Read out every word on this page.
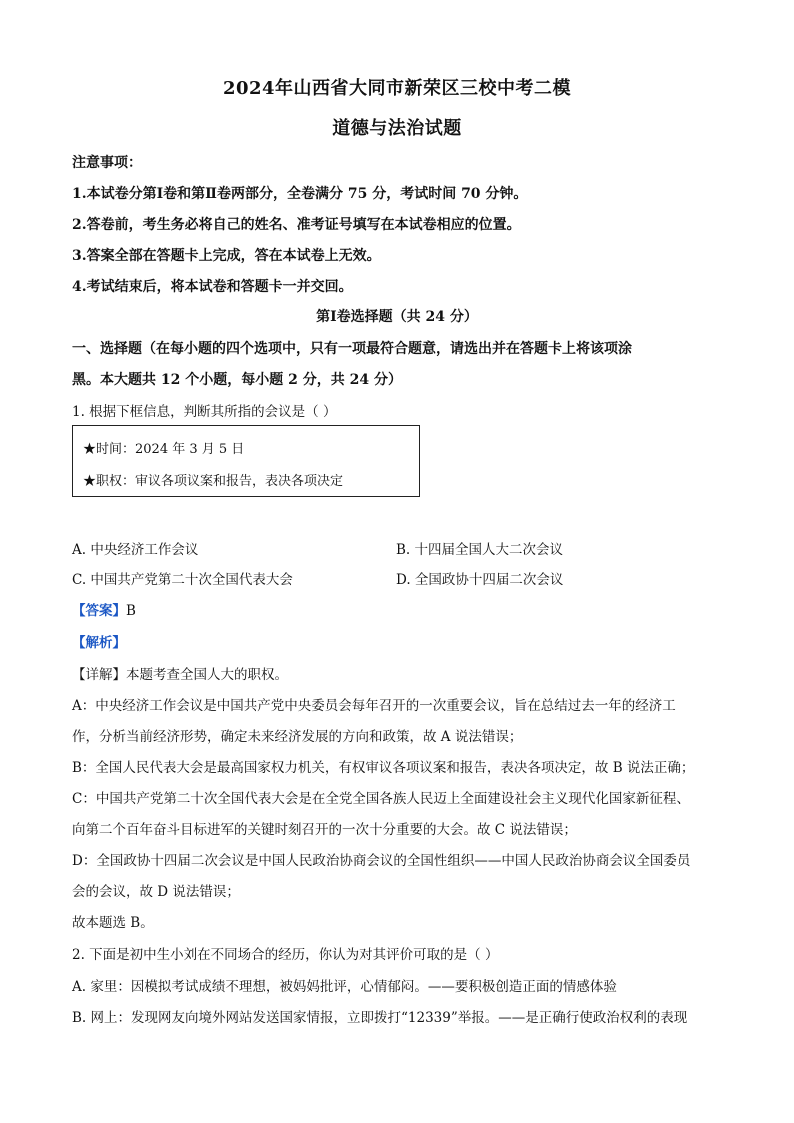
2024年山西省大同市新荣区三校中考二模
道德与法治试题
注意事项：
1.本试卷分第Ⅰ卷和第Ⅱ卷两部分，全卷满分 75 分，考试时间 70 分钟。
2.答卷前，考生务必将自己的姓名、准考证号填写在本试卷相应的位置。
3.答案全部在答题卡上完成，答在本试卷上无效。
4.考试结束后，将本试卷和答题卡一并交回。
第Ⅰ卷选择题（共 24 分）
一、选择题（在每小题的四个选项中，只有一项最符合题意，请选出并在答题卡上将该项涂
黑。本大题共 12 个小题，每小题 2 分，共 24 分）
1. 根据下框信息，判断其所指的会议是（ ）
★时间：2024 年 3 月 5 日
★职权：审议各项议案和报告，表决各项决定
A. 中央经济工作会议	B. 十四届全国人大二次会议
C. 中国共产党第二十次全国代表大会	D. 全国政协十四届二次会议
【答案】B
【解析】
【详解】本题考查全国人大的职权。
A：中央经济工作会议是中国共产党中央委员会每年召开的一次重要会议，旨在总结过去一年的经济工
作，分析当前经济形势，确定未来经济发展的方向和政策，故 A 说法错误；
B：全国人民代表大会是最高国家权力机关，有权审议各项议案和报告，表决各项决定，故 B 说法正确；
C：中国共产党第二十次全国代表大会是在全党全国各族人民迈上全面建设社会主义现代化国家新征程、
向第二个百年奋斗目标进军的关键时刻召开的一次十分重要的大会。故 C 说法错误；
D：全国政协十四届二次会议是中国人民政治协商会议的全国性组织——中国人民政治协商会议全国委员
会的会议，故 D 说法错误；
故本题选 B。
2. 下面是初中生小刘在不同场合的经历，你认为对其评价可取的是（ ）
A. 家里：因模拟考试成绩不理想，被妈妈批评，心情郁闷。——要积极创造正面的情感体验
B. 网上：发现网友向境外网站发送国家情报，立即拨打“12339”举报。——是正确行使政治权利的表现
